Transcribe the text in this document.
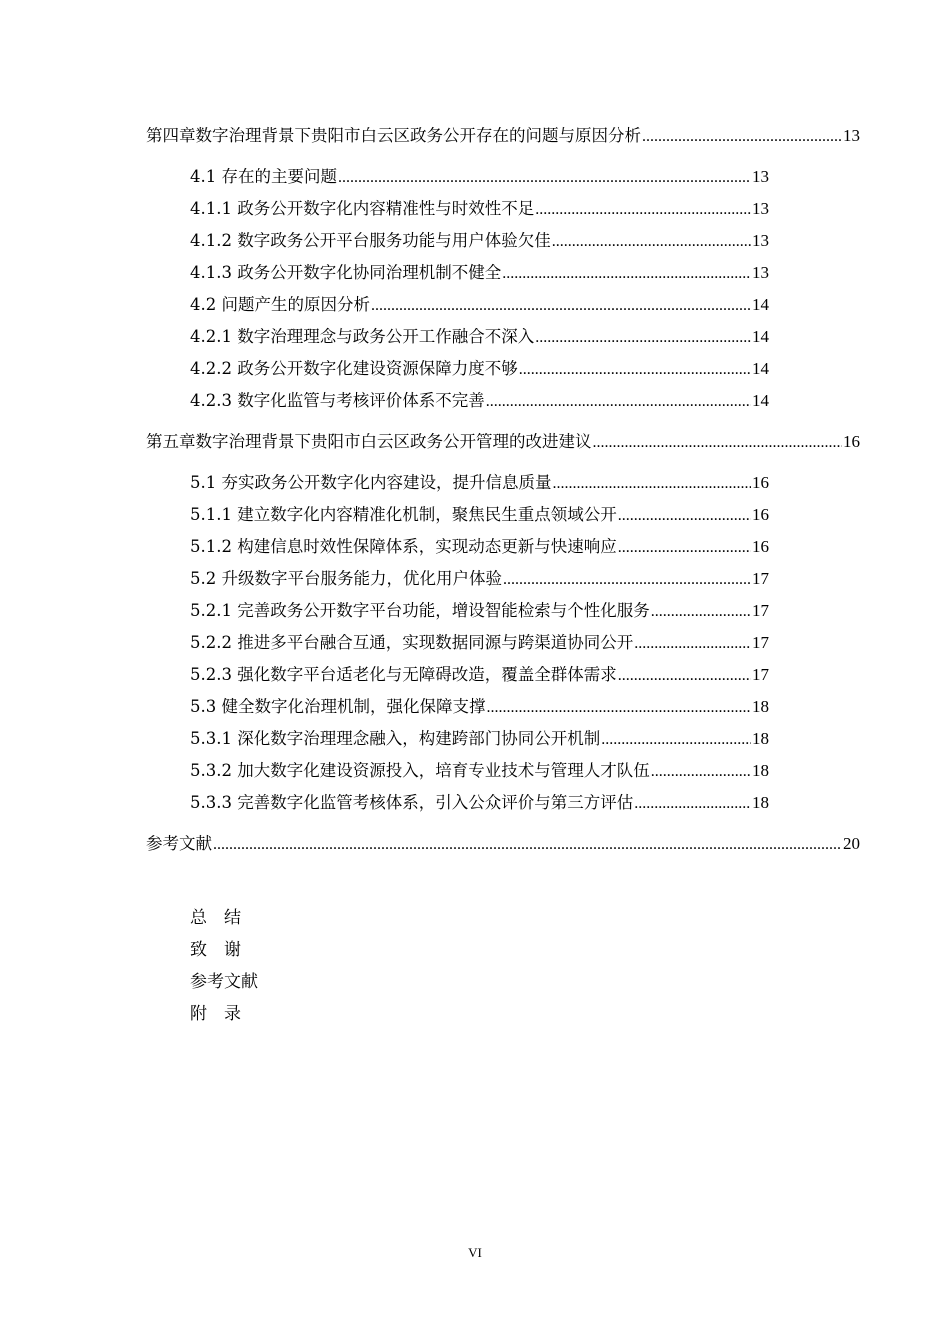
第四章数字治理背景下贵阳市白云区政务公开存在的问题与原因分析 .....	13
4.1 存在的主要问题 .....	13
4.1.1 政务公开数字化内容精准性与时效性不足 .....	13
4.1.2 数字政务公开平台服务功能与用户体验欠佳 .....	13
4.1.3 政务公开数字化协同治理机制不健全 .....	13
4.2 问题产生的原因分析 .....	14
4.2.1 数字治理理念与政务公开工作融合不深入 .....	14
4.2.2 政务公开数字化建设资源保障力度不够 .....	14
4.2.3 数字化监管与考核评价体系不完善 .....	14
第五章数字治理背景下贵阳市白云区政务公开管理的改进建议 .....	16
5.1 夯实政务公开数字化内容建设，提升信息质量 .....	16
5.1.1 建立数字化内容精准化机制，聚焦民生重点领域公开 .....	16
5.1.2 构建信息时效性保障体系，实现动态更新与快速响应 .....	16
5.2 升级数字平台服务能力，优化用户体验 .....	17
5.2.1 完善政务公开数字平台功能，增设智能检索与个性化服务 .....	17
5.2.2 推进多平台融合互通，实现数据同源与跨渠道协同公开 .....	17
5.2.3 强化数字平台适老化与无障碍改造，覆盖全群体需求 .....	17
5.3 健全数字化治理机制，强化保障支撑 .....	18
5.3.1 深化数字治理理念融入，构建跨部门协同公开机制 .....	18
5.3.2 加大数字化建设资源投入，培育专业技术与管理人才队伍 .....	18
5.3.3 完善数字化监管考核体系，引入公众评价与第三方评估 .....	18
参考文献 .....	20
总　结
致　谢
参考文献
附　录
VI
